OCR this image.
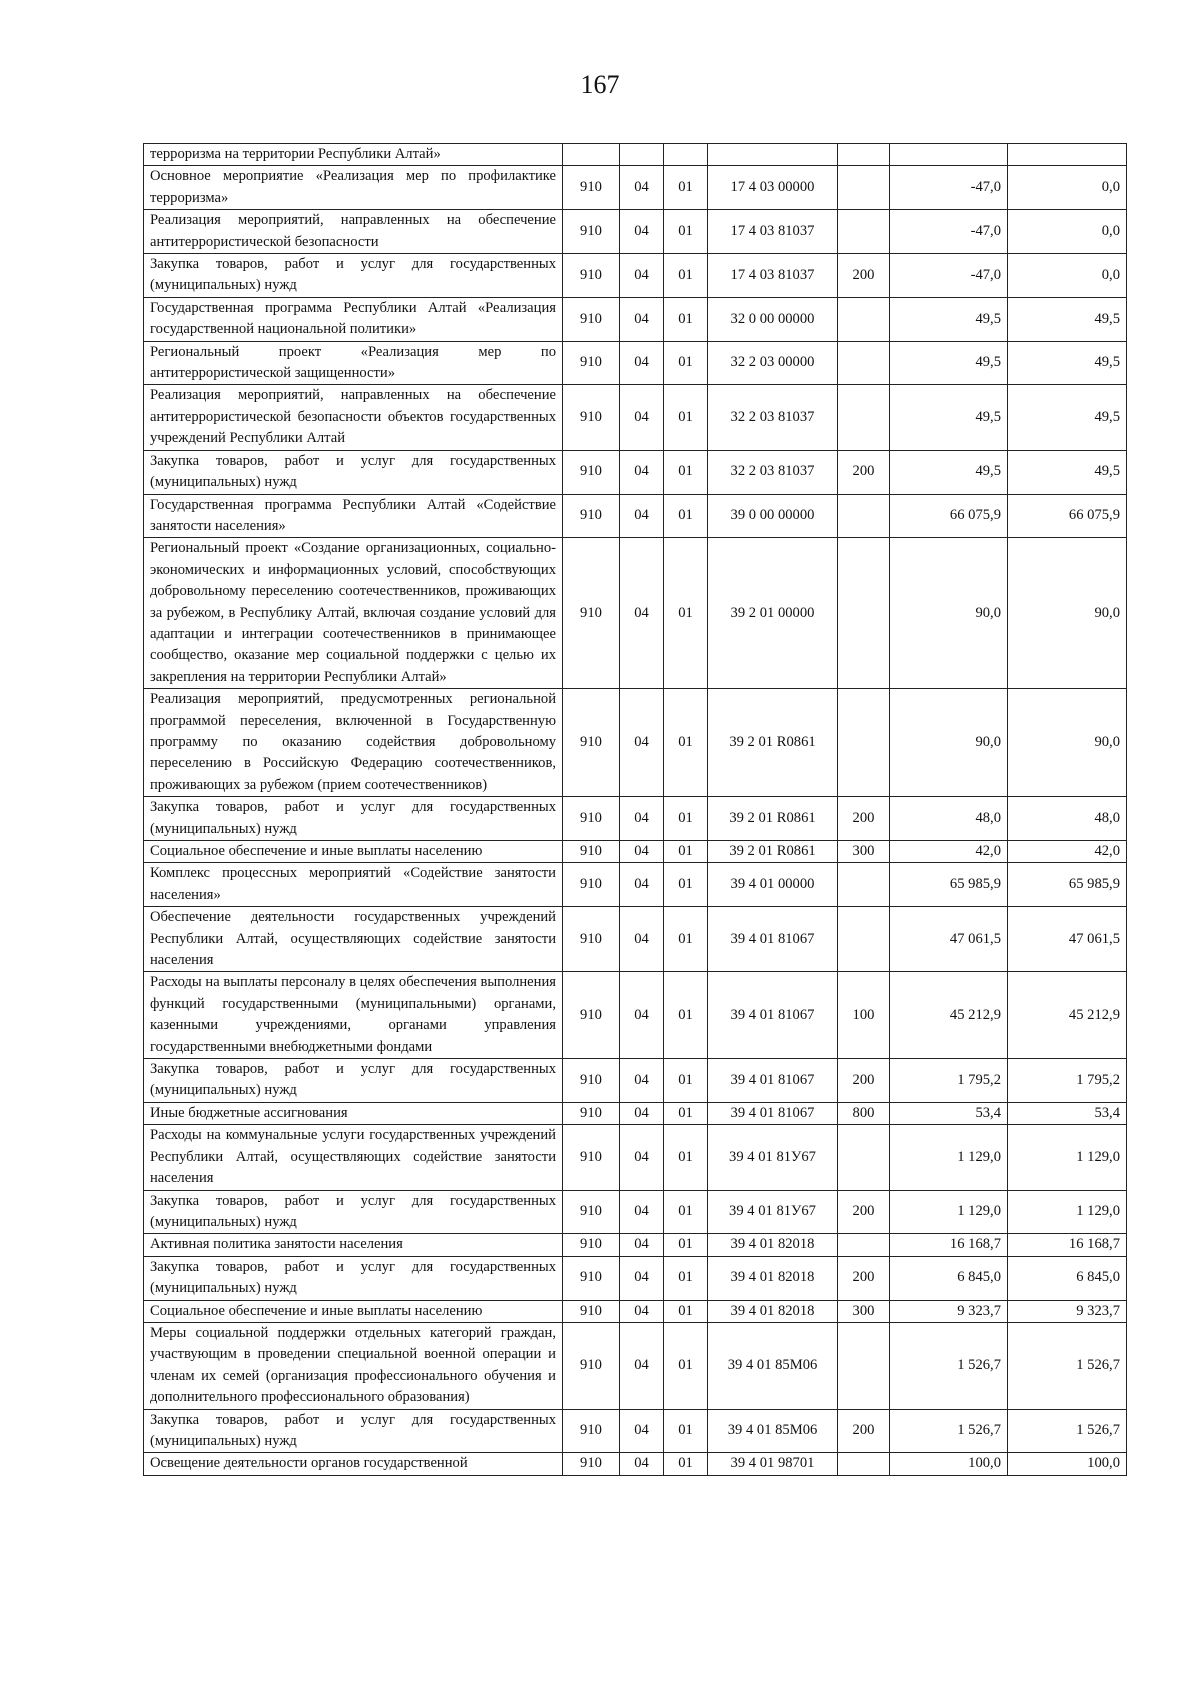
167
терроризма на территории Республики Алтай»							
Основное мероприятие «Реализация мер по профилактике терроризма»	910	04	01	17 4 03 00000		-47,0	0,0
Реализация мероприятий, направленных на обеспечение антитеррористической безопасности	910	04	01	17 4 03 81037		-47,0	0,0
Закупка товаров, работ и услуг для государственных (муниципальных) нужд	910	04	01	17 4 03 81037	200	-47,0	0,0
Государственная программа Республики Алтай «Реализация государственной национальной политики»	910	04	01	32 0 00 00000		49,5	49,5
Региональный проект «Реализация мер по антитеррористической защищенности»	910	04	01	32 2 03 00000		49,5	49,5
Реализация мероприятий, направленных на обеспечение антитеррористической безопасности объектов государственных учреждений Республики Алтай	910	04	01	32 2 03 81037		49,5	49,5
Закупка товаров, работ и услуг для государственных (муниципальных) нужд	910	04	01	32 2 03 81037	200	49,5	49,5
Государственная программа Республики Алтай «Содействие занятости населения»	910	04	01	39 0 00 00000		66 075,9	66 075,9
Региональный проект «Создание организационных, социально-экономических и информационных условий, способствующих добровольному переселению соотечественников, проживающих за рубежом, в Республику Алтай, включая создание условий для адаптации и интеграции соотечественников в принимающее сообщество, оказание мер социальной поддержки с целью их закрепления на территории Республики Алтай»	910	04	01	39 2 01 00000		90,0	90,0
Реализация мероприятий, предусмотренных региональной программой переселения, включенной в Государственную программу по оказанию содействия добровольному переселению в Российскую Федерацию соотечественников, проживающих за рубежом (прием соотечественников)	910	04	01	39 2 01 R0861		90,0	90,0
Закупка товаров, работ и услуг для государственных (муниципальных) нужд	910	04	01	39 2 01 R0861	200	48,0	48,0
Социальное обеспечение и иные выплаты населению	910	04	01	39 2 01 R0861	300	42,0	42,0
Комплекс процессных мероприятий «Содействие занятости населения»	910	04	01	39 4 01 00000		65 985,9	65 985,9
Обеспечение деятельности государственных учреждений Республики Алтай, осуществляющих содействие занятости населения	910	04	01	39 4 01 81067		47 061,5	47 061,5
Расходы на выплаты персоналу в целях обеспечения выполнения функций государственными (муниципальными) органами, казенными учреждениями, органами управления государственными внебюджетными фондами	910	04	01	39 4 01 81067	100	45 212,9	45 212,9
Закупка товаров, работ и услуг для государственных (муниципальных) нужд	910	04	01	39 4 01 81067	200	1 795,2	1 795,2
Иные бюджетные ассигнования	910	04	01	39 4 01 81067	800	53,4	53,4
Расходы на коммунальные услуги государственных учреждений Республики Алтай, осуществляющих содействие занятости населения	910	04	01	39 4 01 81У67		1 129,0	1 129,0
Закупка товаров, работ и услуг для государственных (муниципальных) нужд	910	04	01	39 4 01 81У67	200	1 129,0	1 129,0
Активная политика занятости населения	910	04	01	39 4 01 82018		16 168,7	16 168,7
Закупка товаров, работ и услуг для государственных (муниципальных) нужд	910	04	01	39 4 01 82018	200	6 845,0	6 845,0
Социальное обеспечение и иные выплаты населению	910	04	01	39 4 01 82018	300	9 323,7	9 323,7
Меры социальной поддержки отдельных категорий граждан, участвующим в проведении специальной военной операции и членам их семей (организация профессионального обучения и дополнительного профессионального образования)	910	04	01	39 4 01 85М06		1 526,7	1 526,7
Закупка товаров, работ и услуг для государственных (муниципальных) нужд	910	04	01	39 4 01 85М06	200	1 526,7	1 526,7
Освещение деятельности органов государственной	910	04	01	39 4 01 98701		100,0	100,0
